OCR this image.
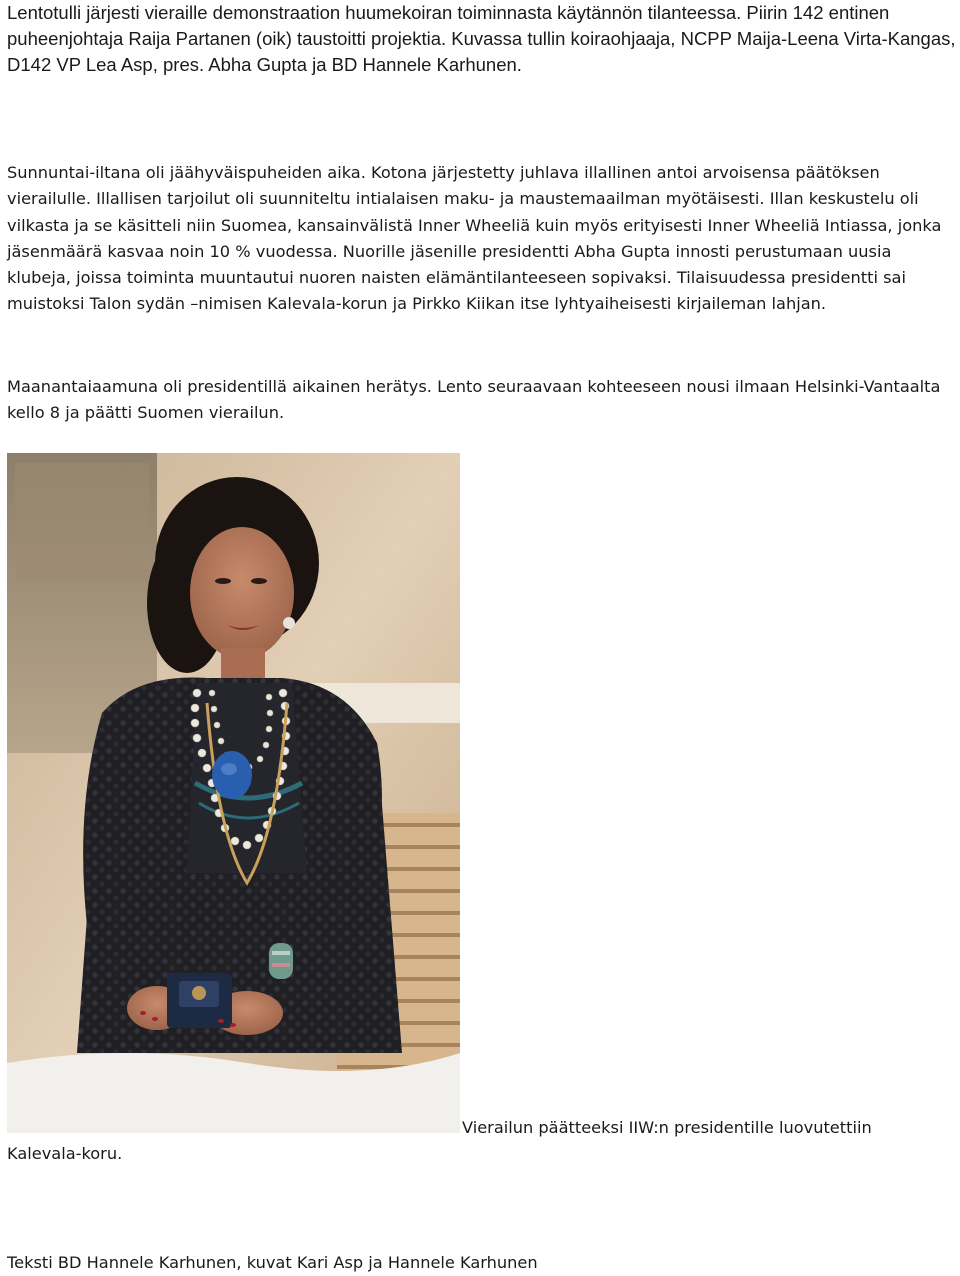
Lentotulli järjesti vieraille demonstraation huumekoiran toiminnasta käytännön tilanteessa. Piirin 142 entinen puheenjohtaja Raija Partanen (oik) taustoitti projektia. Kuvassa tullin koiraohjaaja, NCPP Maija-Leena Virta-Kangas, D142 VP Lea Asp, pres. Abha Gupta ja BD Hannele Karhunen.

Sunnuntai-iltana oli jäähyväispuheiden aika. Kotona järjestetty juhlava illallinen antoi arvoisensa päätöksen vierailulle. Illallisen tarjoilut oli suunniteltu intialaisen maku- ja maustemaailman myötäisesti. Illan keskustelu oli vilkasta ja se käsitteli niin Suomea, kansainvälistä Inner Wheeliä kuin myös erityisesti Inner Wheeliä Intiassa, jonka jäsenmäärä kasvaa noin 10 % vuodessa. Nuorille jäsenille presidentti Abha Gupta innosti perustumaan uusia klubeja, joissa toiminta muuntautui nuoren naisten elämäntilanteeseen sopivaksi. Tilaisuudessa presidentti sai muistoksi Talon sydän –nimisen Kalevala-korun ja Pirkko Kiikan itse lyhtyaiheisesti kirjaileman lahjan.

Maanantaiaamuna oli presidentillä aikainen herätys. Lento seuraavaan kohteeseen nousi ilmaan Helsinki-Vantaalta kello 8 ja päätti Suomen vierailun.

Vierailun päätteeksi IIW:n presidentille luovutettiin
Kalevala-koru.
Teksti BD Hannele Karhunen, kuvat Kari Asp ja Hannele Karhunen
